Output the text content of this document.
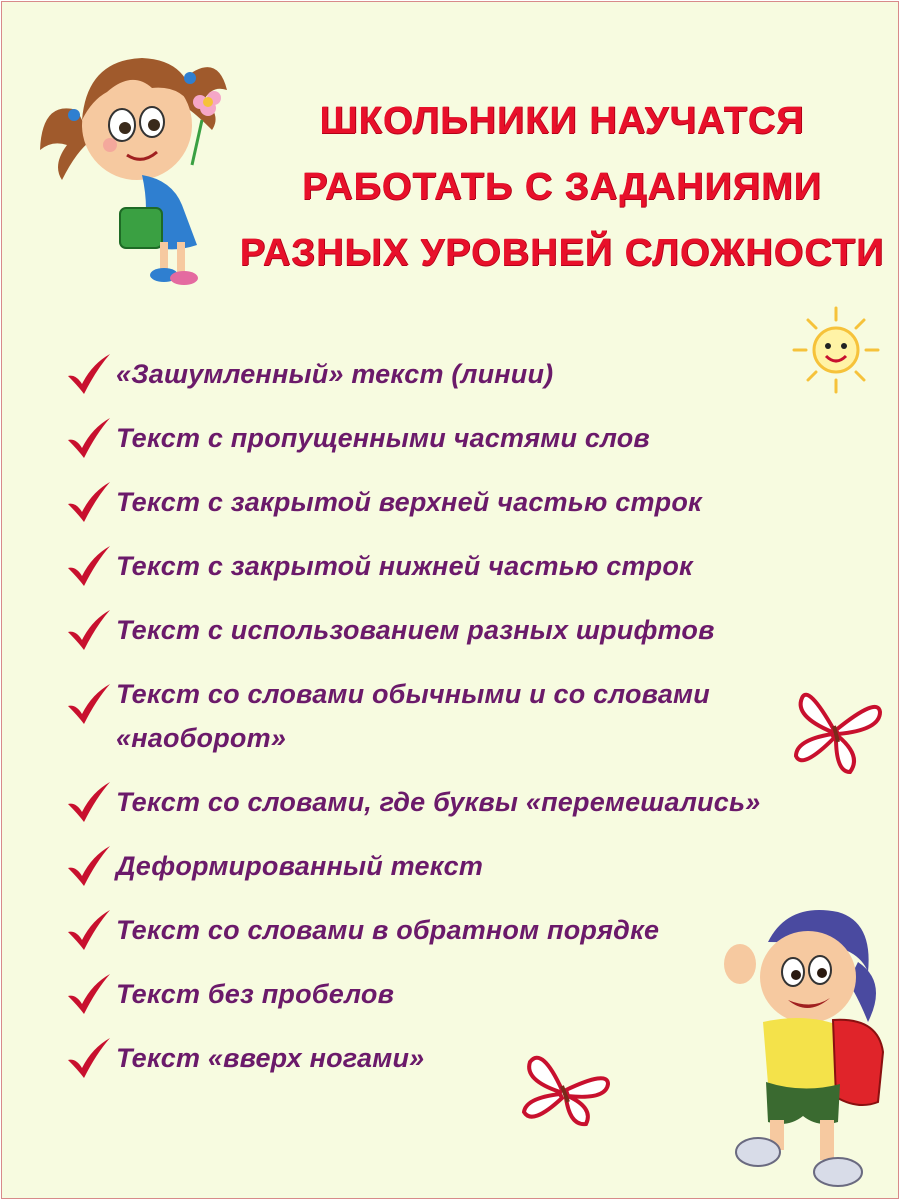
ШКОЛЬНИКИ НАУЧАТСЯ
РАБОТАТЬ С ЗАДАНИЯМИ
РАЗНЫХ УРОВНЕЙ СЛОЖНОСТИ
«Зашумленный» текст (линии)
Текст с пропущенными частями слов
Текст с закрытой верхней частью строк
Текст с закрытой нижней частью строк
Текст с использованием разных шрифтов
Текст со словами обычными и со словами «наоборот»
Текст со словами, где буквы «перемешались»
Деформированный текст
Текст со словами в обратном порядке
Текст без пробелов
Текст «вверх ногами»
